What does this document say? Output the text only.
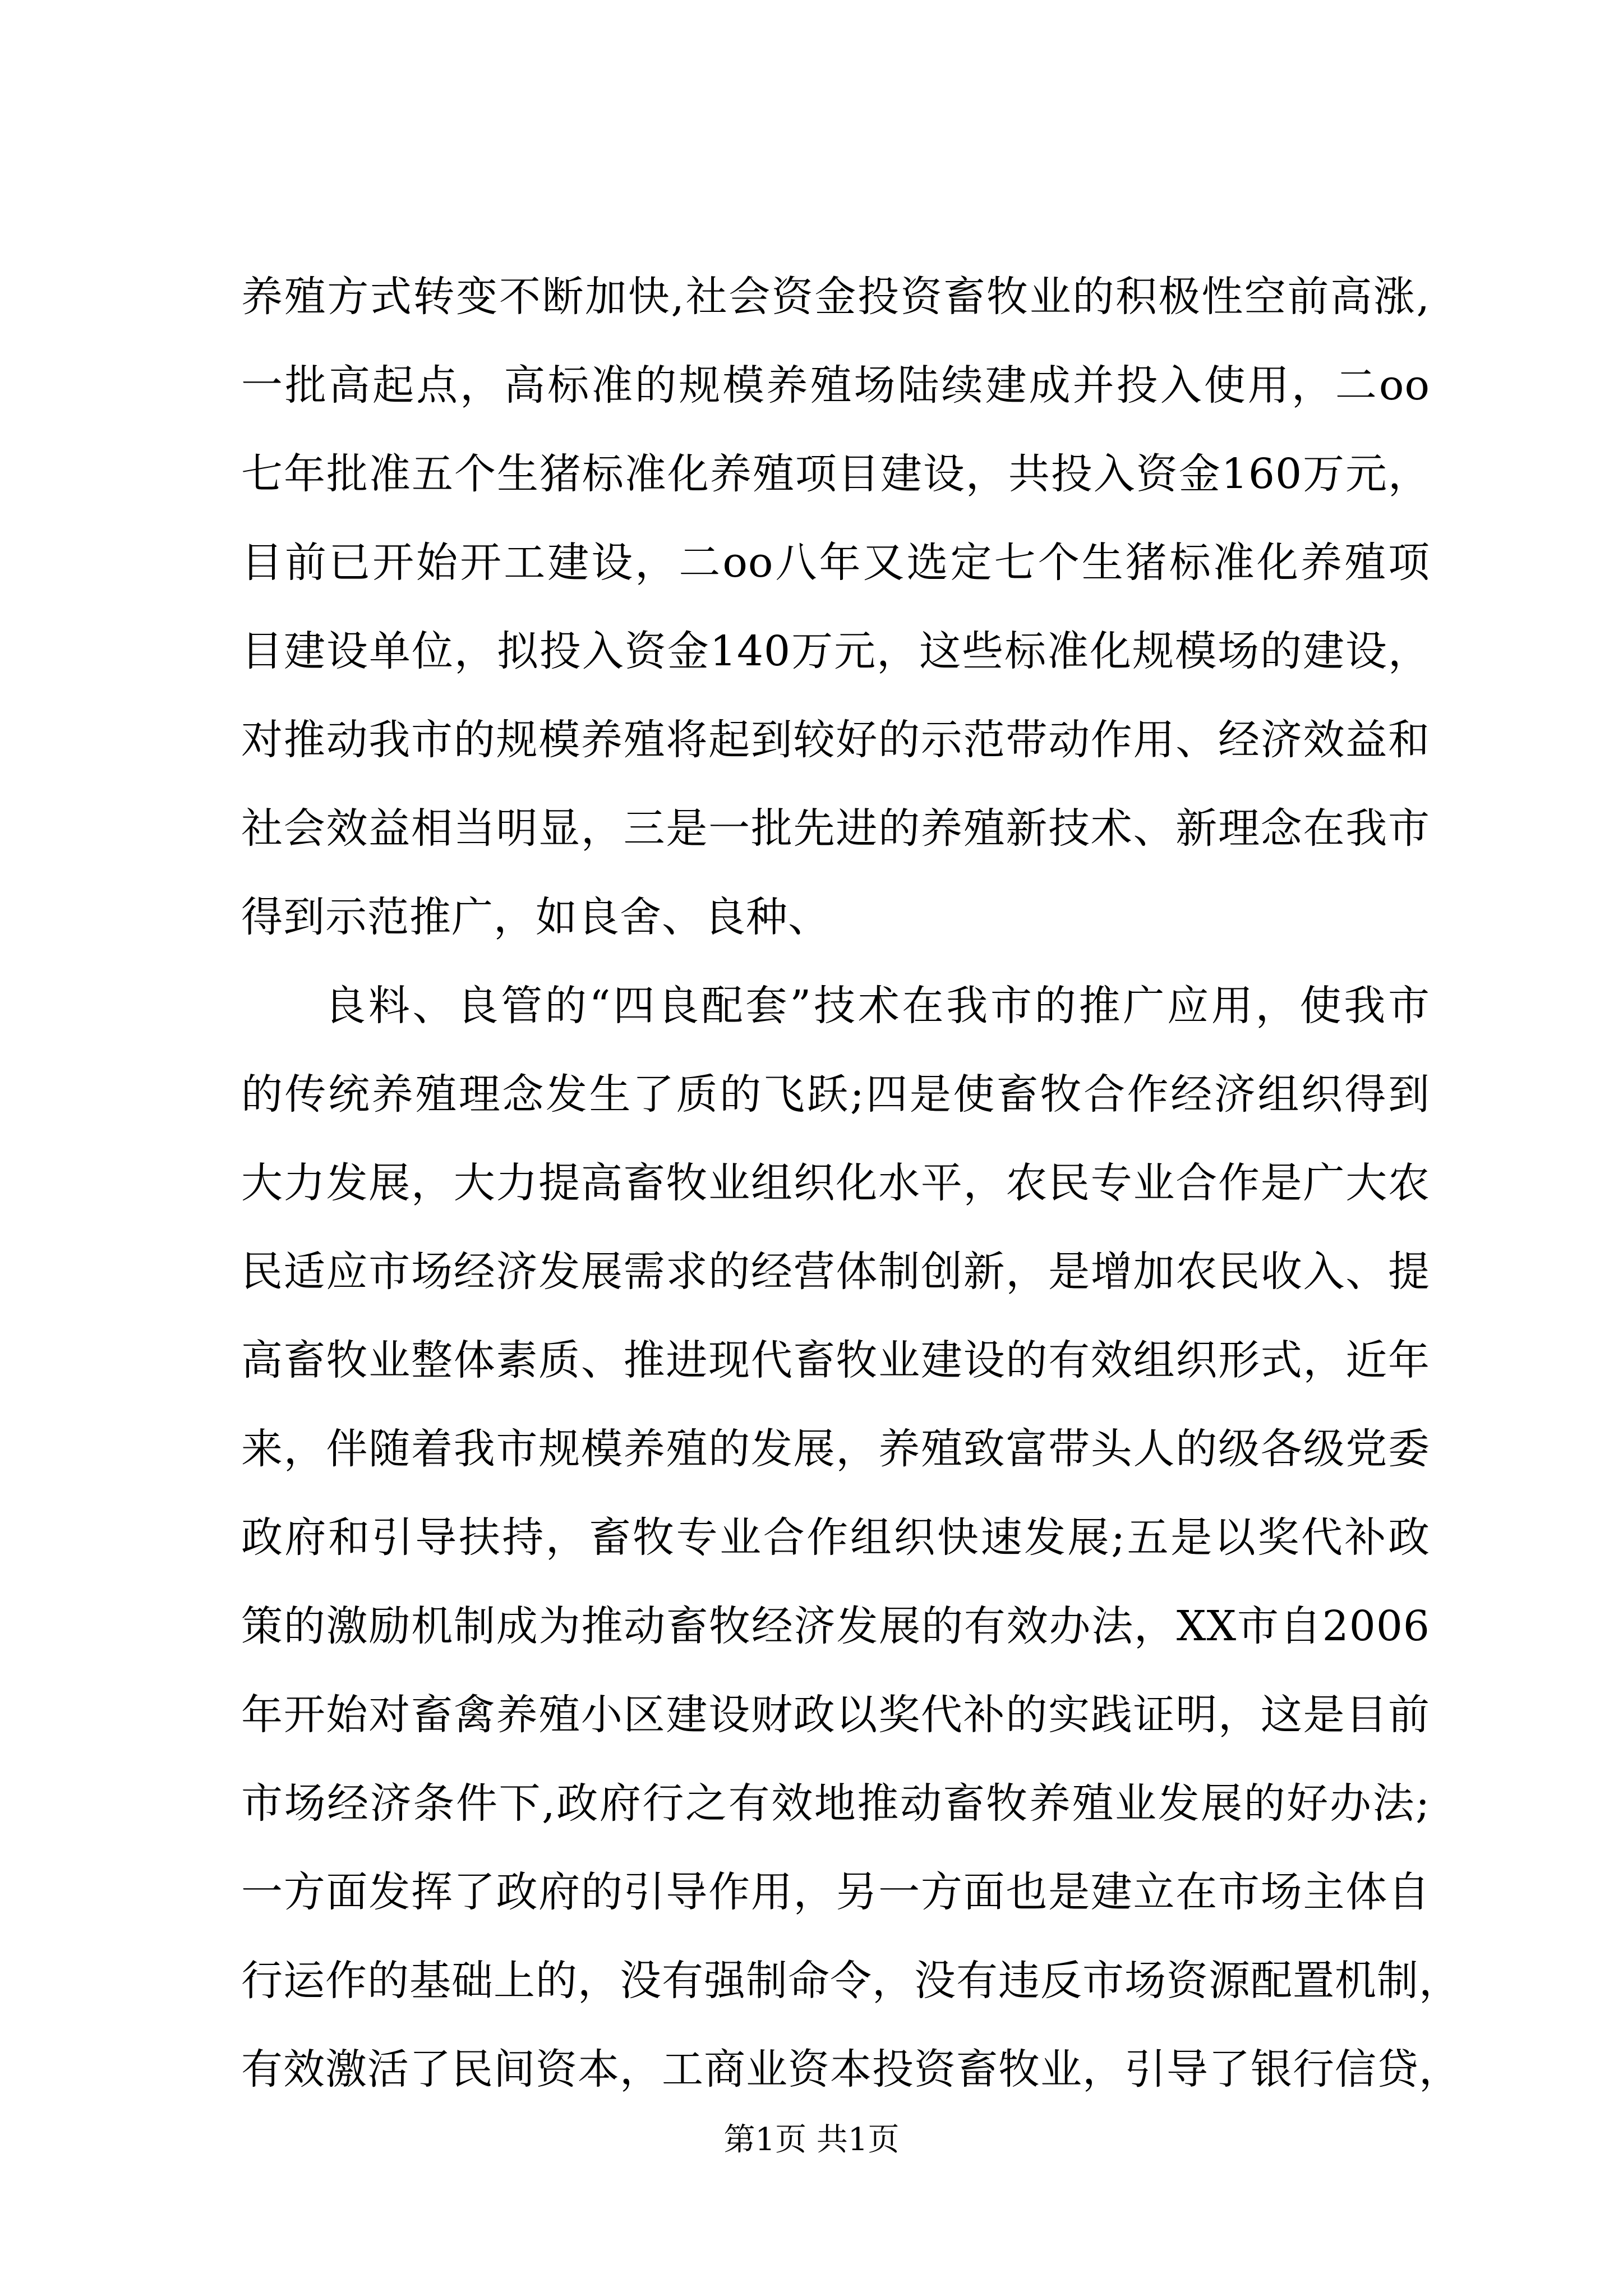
养殖方式转变不断加快,社会资金投资畜牧业的积极性空前高涨,
一批高起点，高标准的规模养殖场陆续建成并投入使用，二oo
七年批准五个生猪标准化养殖项目建设，共投入资金160万元，
目前已开始开工建设，二oo八年又选定七个生猪标准化养殖项
目建设单位，拟投入资金140万元，这些标准化规模场的建设，
对推动我市的规模养殖将起到较好的示范带动作用、经济效益和
社会效益相当明显，三是一批先进的养殖新技术、新理念在我市
得到示范推广，如良舍、良种、
良料、良管的“四良配套”技术在我市的推广应用，使我市
的传统养殖理念发生了质的飞跃;四是使畜牧合作经济组织得到
大力发展，大力提高畜牧业组织化水平，农民专业合作是广大农
民适应市场经济发展需求的经营体制创新，是增加农民收入、提
高畜牧业整体素质、推进现代畜牧业建设的有效组织形式，近年
来，伴随着我市规模养殖的发展，养殖致富带头人的级各级党委
政府和引导扶持，畜牧专业合作组织快速发展;五是以奖代补政
策的激励机制成为推动畜牧经济发展的有效办法，XX市自2006
年开始对畜禽养殖小区建设财政以奖代补的实践证明，这是目前
市场经济条件下,政府行之有效地推动畜牧养殖业发展的好办法;
一方面发挥了政府的引导作用，另一方面也是建立在市场主体自
行运作的基础上的，没有强制命令，没有违反市场资源配置机制，
有效激活了民间资本，工商业资本投资畜牧业，引导了银行信贷，
第1页 共1页
